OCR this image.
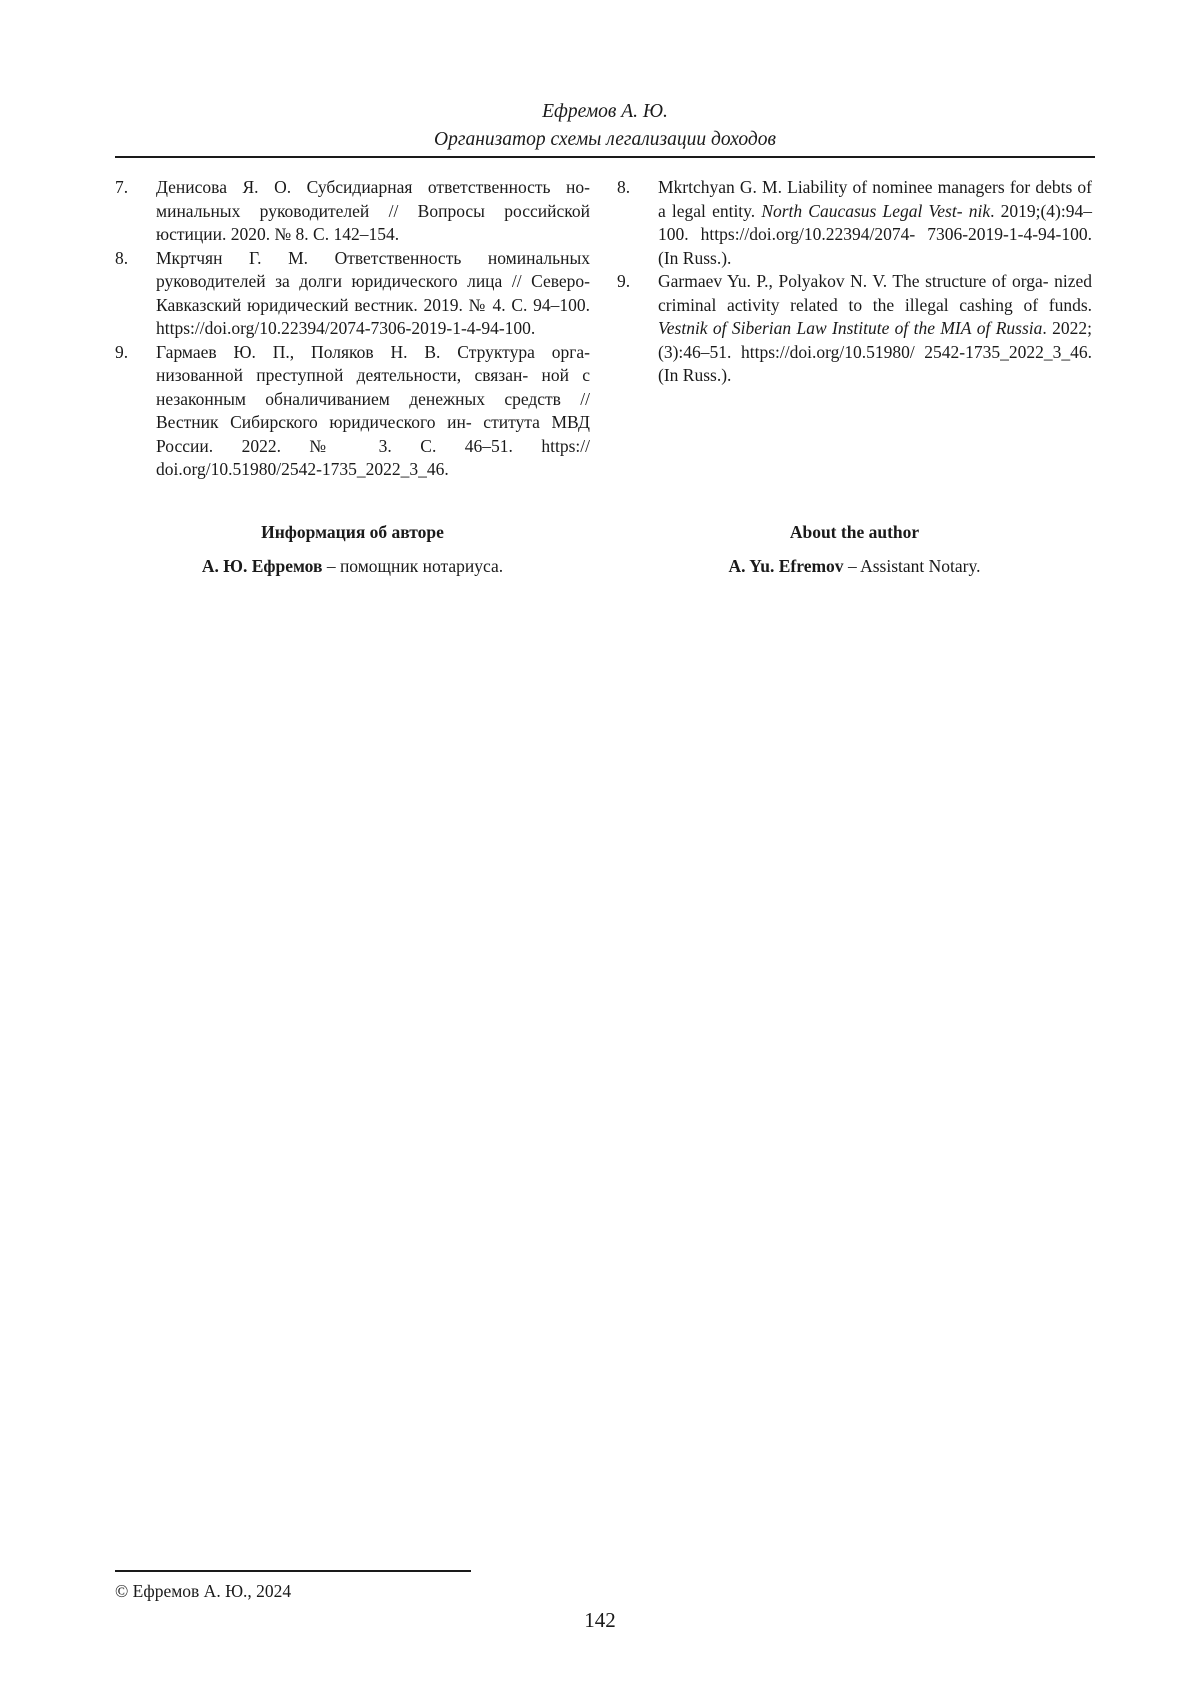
Ефремов А. Ю.
Организатор схемы легализации доходов
7.	Денисова Я. О. Субсидиарная ответственность но- минальных руководителей // Вопросы российской юстиции. 2020. № 8. С. 142–154.
8.	Мкртчян Г. М. Ответственность номинальных руководителей за долги юридического лица // Северо-Кавказский юридический вестник. 2019. № 4. С. 94–100. https://doi.org/10.22394/2074-7306-2019-1-4-94-100.
9.	Гармаев Ю. П., Поляков Н. В. Структура орга- низованной преступной деятельности, связан- ной с незаконным обналичиванием денежных средств // Вестник Сибирского юридического ин- ститута МВД России. 2022. № 3. С. 46–51. https:// doi.org/10.51980/2542-1735_2022_3_46.
8.	Mkrtchyan G. M. Liability of nominee managers for debts of a legal entity. North Caucasus Legal Vest- nik. 2019;(4):94–100. https://doi.org/10.22394/2074- 7306-2019-1-4-94-100. (In Russ.).
9.	Garmaev Yu. P., Polyakov N. V. The structure of orga- nized criminal activity related to the illegal cashing of funds. Vestnik of Siberian Law Institute of the MIA of Russia. 2022;(3):46–51. https://doi.org/10.51980/ 2542-1735_2022_3_46. (In Russ.).

Информация об авторе

А. Ю. Ефремов – помощник нотариуса.

About the author

A. Yu. Efremov – Assistant Notary.

© Ефремов А. Ю., 2024
142
